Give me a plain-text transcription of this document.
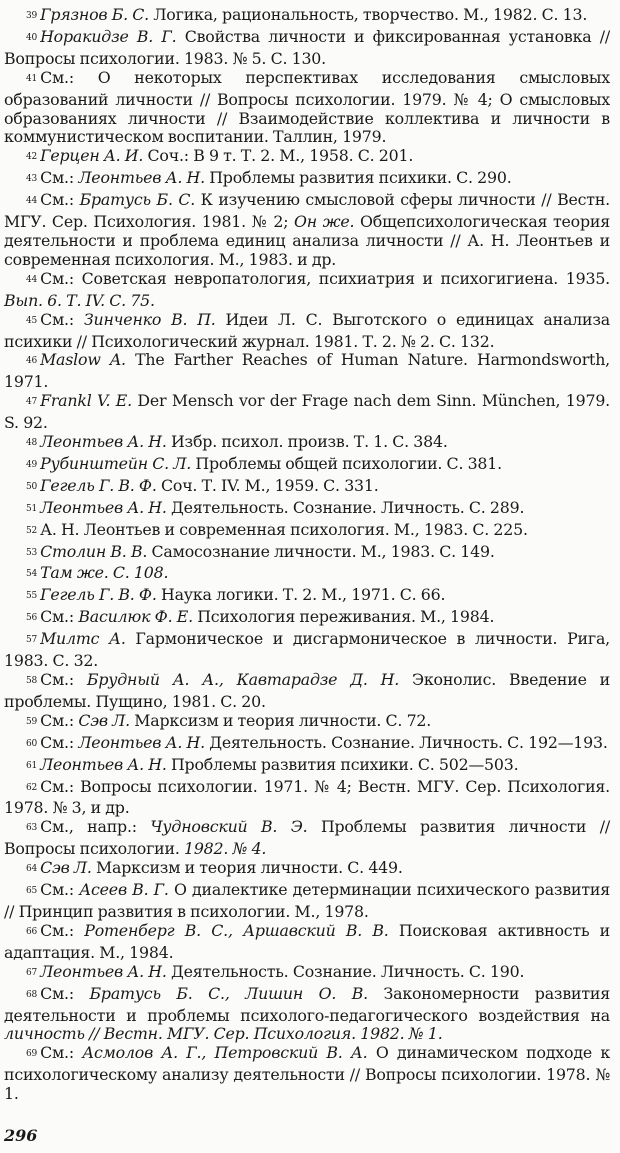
$^{39}$ Грязнов Б. С. Логика, рациональность, творчество. М., 1982. С. 13.

$^{40}$ Норакидзе В. Г. Свойства личности и фиксированная установка // Вопросы психологии. 1983. № 5. С. 130.

$^{41}$ См.: О некоторых перспективах исследования смысловых образований личности // Вопросы психологии. 1979. № 4; О смысловых образованиях личности // Взаимодействие коллектива и личности в коммунистическом воспитании. Таллин, 1979.

$^{42}$ Герцен А. И. Соч.: В 9 т. Т. 2. М., 1958. С. 201.

$^{43}$ См.: Леонтьев А. Н. Проблемы развития психики. С. 290.

$^{44}$ См.: Братусь Б. С. К изучению смысловой сферы личности // Вестн. МГУ. Сер. Психология. 1981. № 2; Он же. Общепсихологическая теория деятельности и проблема единиц анализа личности // А. Н. Леонтьев и современная психология. М., 1983. и др.

$^{44}$ См.: Советская невропатология, психиатрия и психогигиена. 1935. Вып. 6. Т. IV. С. 75.

$^{45}$ См.: Зинченко В. П. Идеи Л. С. Выготского о единицах анализа психики // Психологический журнал. 1981. Т. 2. № 2. С. 132.

$^{46}$ Maslow A. The Farther Reaches of Human Nature. Harmondsworth, 1971.

$^{47}$ Frankl V. E. Der Mensch vor der Frage nach dem Sinn. München, 1979. S. 92.

$^{48}$ Леонтьев А. Н. Избр. психол. произв. Т. 1. С. 384.

$^{49}$ Рубинштейн С. Л. Проблемы общей психологии. С. 381.

$^{50}$ Гегель Г. В. Ф. Соч. Т. IV. М., 1959. С. 331.

$^{51}$ Леонтьев А. Н. Деятельность. Сознание. Личность. С. 289.

$^{52}$ А. Н. Леонтьев и современная психология. М., 1983. С. 225.

$^{53}$ Столин В. В. Самосознание личности. М., 1983. С. 149.

$^{54}$ Там же. С. 108.

$^{55}$ Гегель Г. В. Ф. Наука логики. Т. 2. М., 1971. С. 66.

$^{56}$ См.: Василюк Ф. Е. Психология переживания. М., 1984.

$^{57}$ Милтс А. Гармоническое и дисгармоническое в личности. Рига, 1983. С. 32.

$^{58}$ См.: Брудный А. А., Кавтарадзе Д. Н. Эконолис. Введение и проблемы. Пущино, 1981. С. 20.

$^{59}$ См.: Сэв Л. Марксизм и теория личности. С. 72.

$^{60}$ См.: Леонтьев А. Н. Деятельность. Сознание. Личность. С. 192—193.

$^{61}$ Леонтьев А. Н. Проблемы развития психики. С. 502—503.

$^{62}$ См.: Вопросы психологии. 1971. № 4; Вестн. МГУ. Сер. Психология. 1978. № 3, и др.

$^{63}$ См., напр.: Чудновский В. Э. Проблемы развития личности // Вопросы психологии. 1982. № 4.

$^{64}$ Сэв Л. Марксизм и теория личности. С. 449.

$^{65}$ См.: Асеев В. Г. О диалектике детерминации психического развития // Принцип развития в психологии. М., 1978.

$^{66}$ См.: Ротенберг В. С., Аршавский В. В. Поисковая активность и адаптация. М., 1984.

$^{67}$ Леонтьев А. Н. Деятельность. Сознание. Личность. С. 190.

$^{68}$ См.: Братусь Б. С., Лишин О. В. Закономерности развития деятельности и проблемы психолого-педагогического воздействия на личность // Вестн. МГУ. Сер. Психология. 1982. № 1.

$^{69}$ См.: Асмолов А. Г., Петровский В. А. О динамическом подходе к психологическому анализу деятельности // Вопросы психологии. 1978. № 1.

296
